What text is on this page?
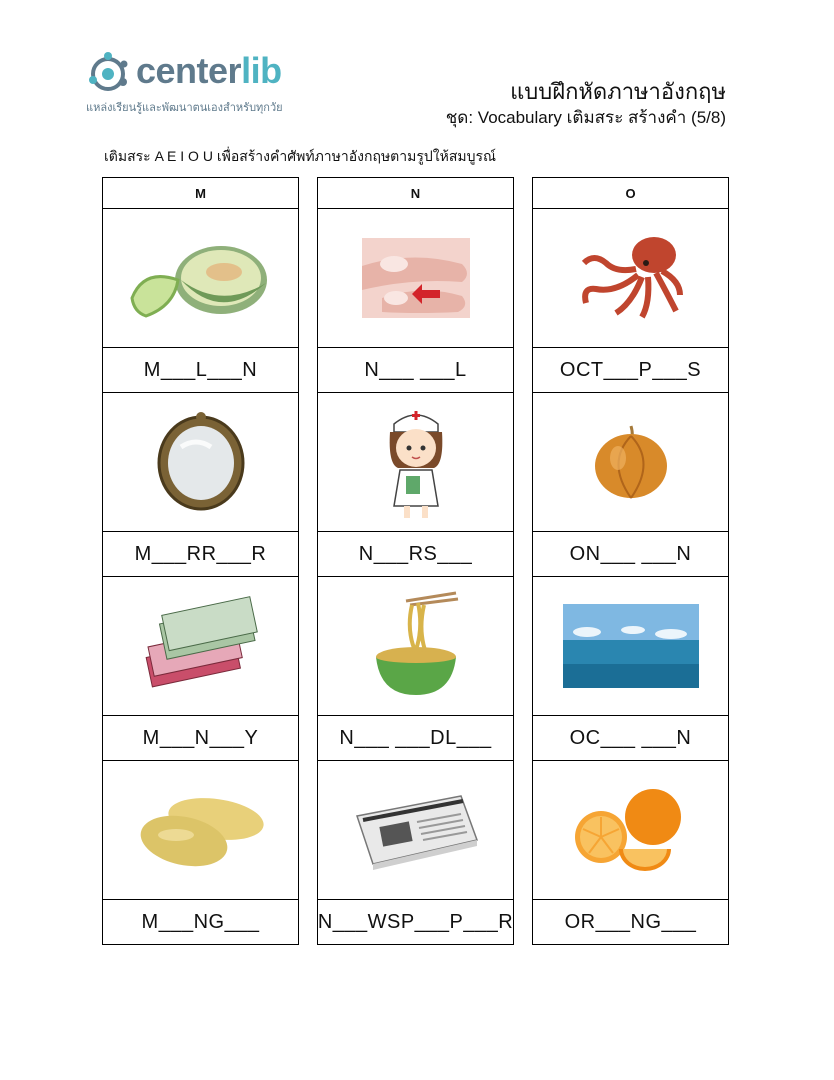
centerlib
แหล่งเรียนรู้และพัฒนาตนเองสำหรับทุกวัย
แบบฝึกหัดภาษาอังกฤษ
ชุด: Vocabulary เติมสระ สร้างคำ (5/8)
เติมสระ A E I O U เพื่อสร้างคำศัพท์ภาษาอังกฤษตามรูปให้สมบูรณ์
M
M___L___N
M___RR___R
M___N___Y
M___NG___
N
N___ ___L
N___RS___
N___ ___DL___
N___WSP___P___R
O
OCT___P___S
ON___ ___N
OC___ ___N
OR___NG___
